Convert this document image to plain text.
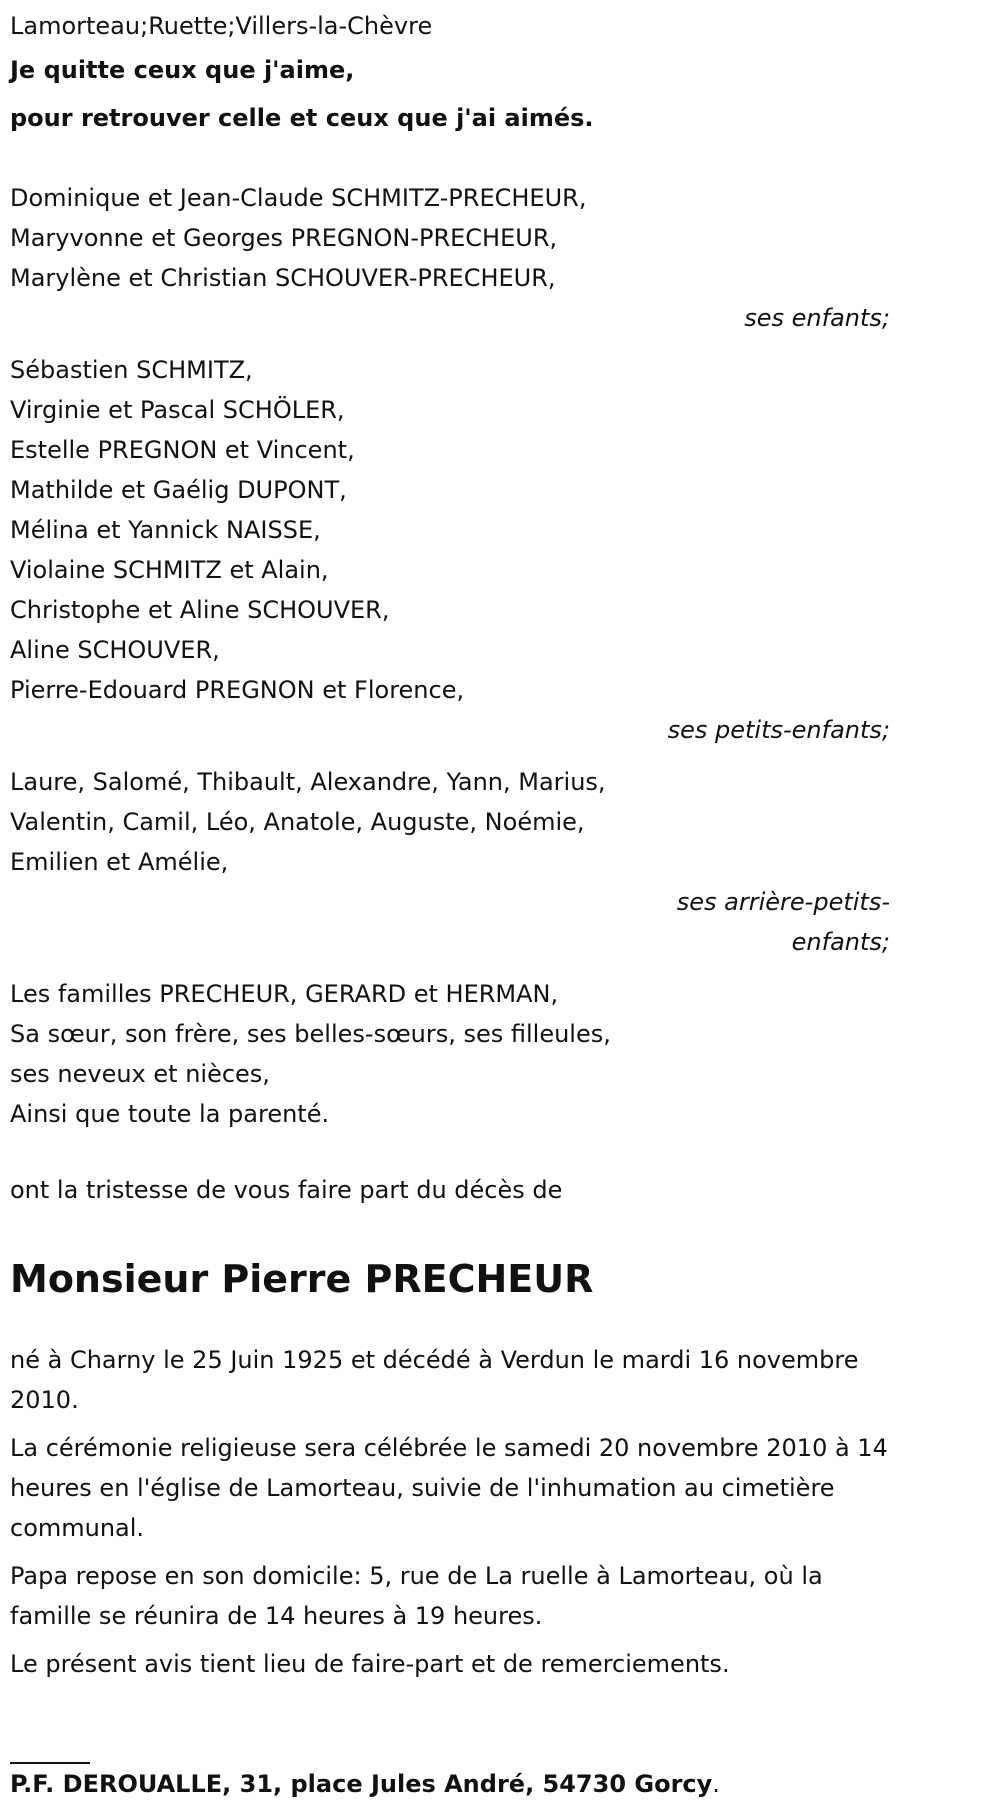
Lamorteau;Ruette;Villers-la-Chèvre
Je quitte ceux que j'aime,
pour retrouver celle et ceux que j'ai aimés.
Dominique et Jean-Claude SCHMITZ-PRECHEUR,
Maryvonne et Georges PREGNON-PRECHEUR,
Marylène et Christian SCHOUVER-PRECHEUR,
ses enfants;
Sébastien SCHMITZ,
Virginie et Pascal SCHÖLER,
Estelle PREGNON et Vincent,
Mathilde et Gaélig DUPONT,
Mélina et Yannick NAISSE,
Violaine SCHMITZ et Alain,
Christophe et Aline SCHOUVER,
Aline SCHOUVER,
Pierre-Edouard PREGNON et Florence,
ses petits-enfants;
Laure, Salomé, Thibault, Alexandre, Yann, Marius,
Valentin, Camil, Léo, Anatole, Auguste, Noémie,
Emilien et Amélie,
ses arrière-petits-
enfants;
Les familles PRECHEUR, GERARD et HERMAN,
Sa sœur, son frère, ses belles-sœurs, ses filleules,
ses neveux et nièces,
Ainsi que toute la parenté.
ont la tristesse de vous faire part du décès de
Monsieur Pierre PRECHEUR
né à Charny le 25 Juin 1925 et décédé à Verdun le mardi 16 novembre 2010.
La cérémonie religieuse sera célébrée le samedi 20 novembre 2010 à 14 heures en l'église de Lamorteau, suivie de l'inhumation au cimetière communal.
Papa repose en son domicile: 5, rue de La ruelle à Lamorteau, où la famille se réunira de 14 heures à 19 heures.
Le présent avis tient lieu de faire-part et de remerciements.
P.F. DEROUALLE, 31, place Jules André, 54730 Gorcy.
